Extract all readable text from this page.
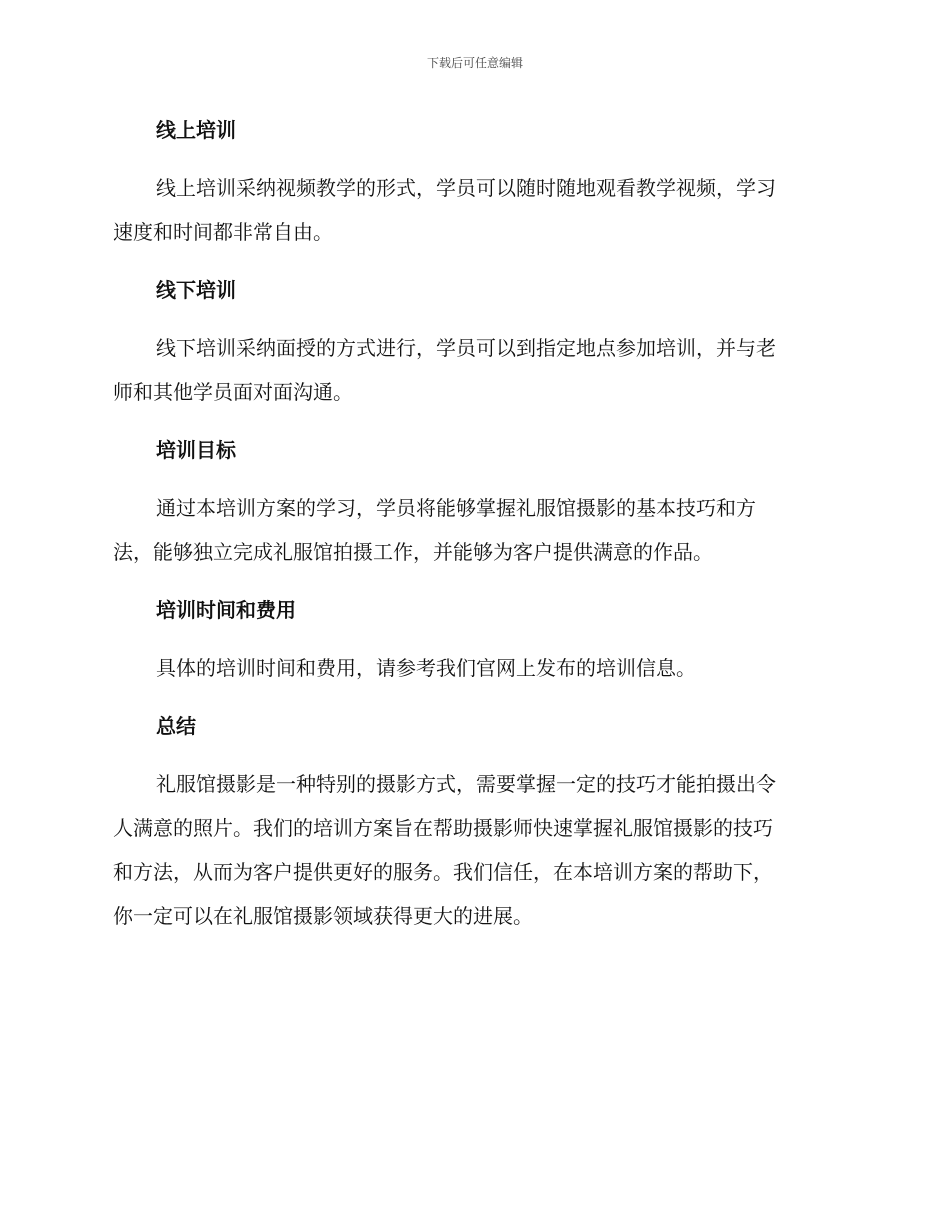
下载后可任意编辑
线上培训

线上培训采纳视频教学的形式，学员可以随时随地观看教学视频，学习
速度和时间都非常自由。

线下培训

线下培训采纳面授的方式进行，学员可以到指定地点参加培训，并与老
师和其他学员面对面沟通。

培训目标

通过本培训方案的学习，学员将能够掌握礼服馆摄影的基本技巧和方
法，能够独立完成礼服馆拍摄工作，并能够为客户提供满意的作品。

培训时间和费用

具体的培训时间和费用，请参考我们官网上发布的培训信息。

总结

礼服馆摄影是一种特别的摄影方式，需要掌握一定的技巧才能拍摄出令
人满意的照片。我们的培训方案旨在帮助摄影师快速掌握礼服馆摄影的技巧
和方法，从而为客户提供更好的服务。我们信任，在本培训方案的帮助下，
你一定可以在礼服馆摄影领域获得更大的进展。
